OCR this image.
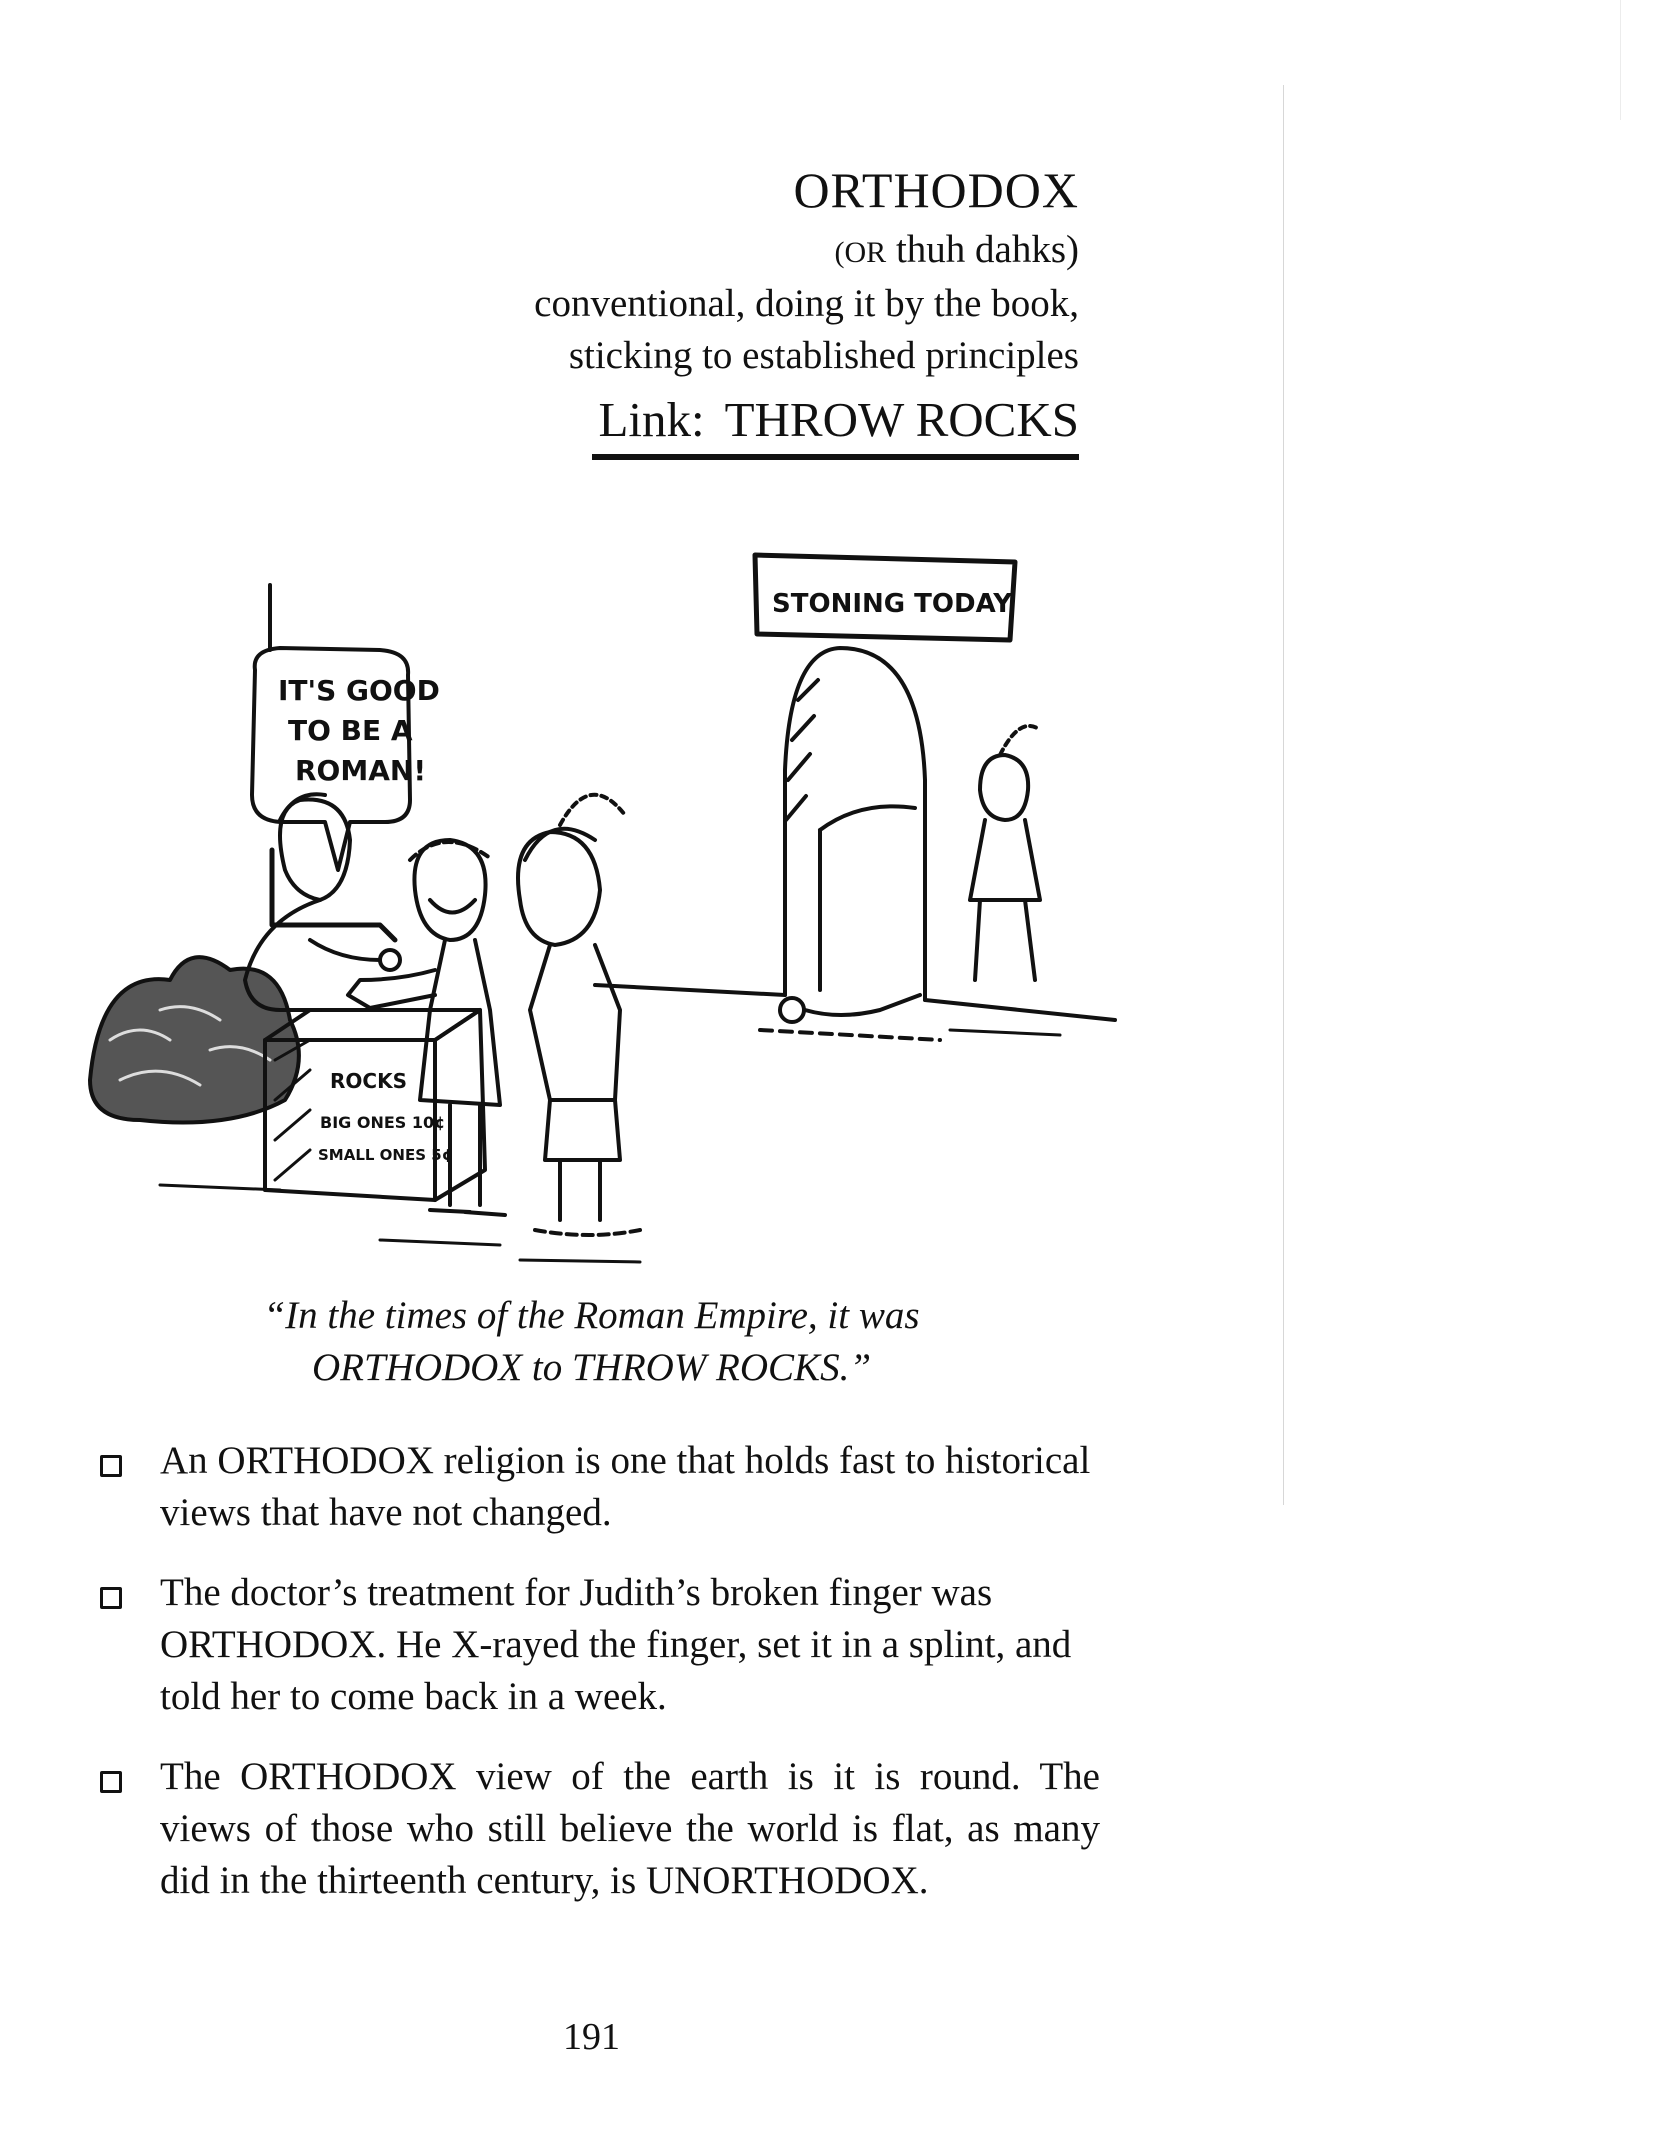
ORTHODOX
(OR thuh dahks)
conventional, doing it by the book,
sticking to established principles
Link: THROW ROCKS
STONING TODAY
ROCKS
BIG ONES 10¢
SMALL ONES 5¢
IT'S GOOD
TO BE A
ROMAN!
“In the times of the Roman Empire, it was
ORTHODOX to THROW ROCKS.”
An ORTHODOX religion is one that holds fast to historical views that have not changed.
The doctor’s treatment for Judith’s broken finger was ORTHODOX. He X-rayed the finger, set it in a splint, and told her to come back in a week.
The ORTHODOX view of the earth is it is round. The views of those who still believe the world is flat, as many did in the thirteenth century, is UNORTHODOX.
191
